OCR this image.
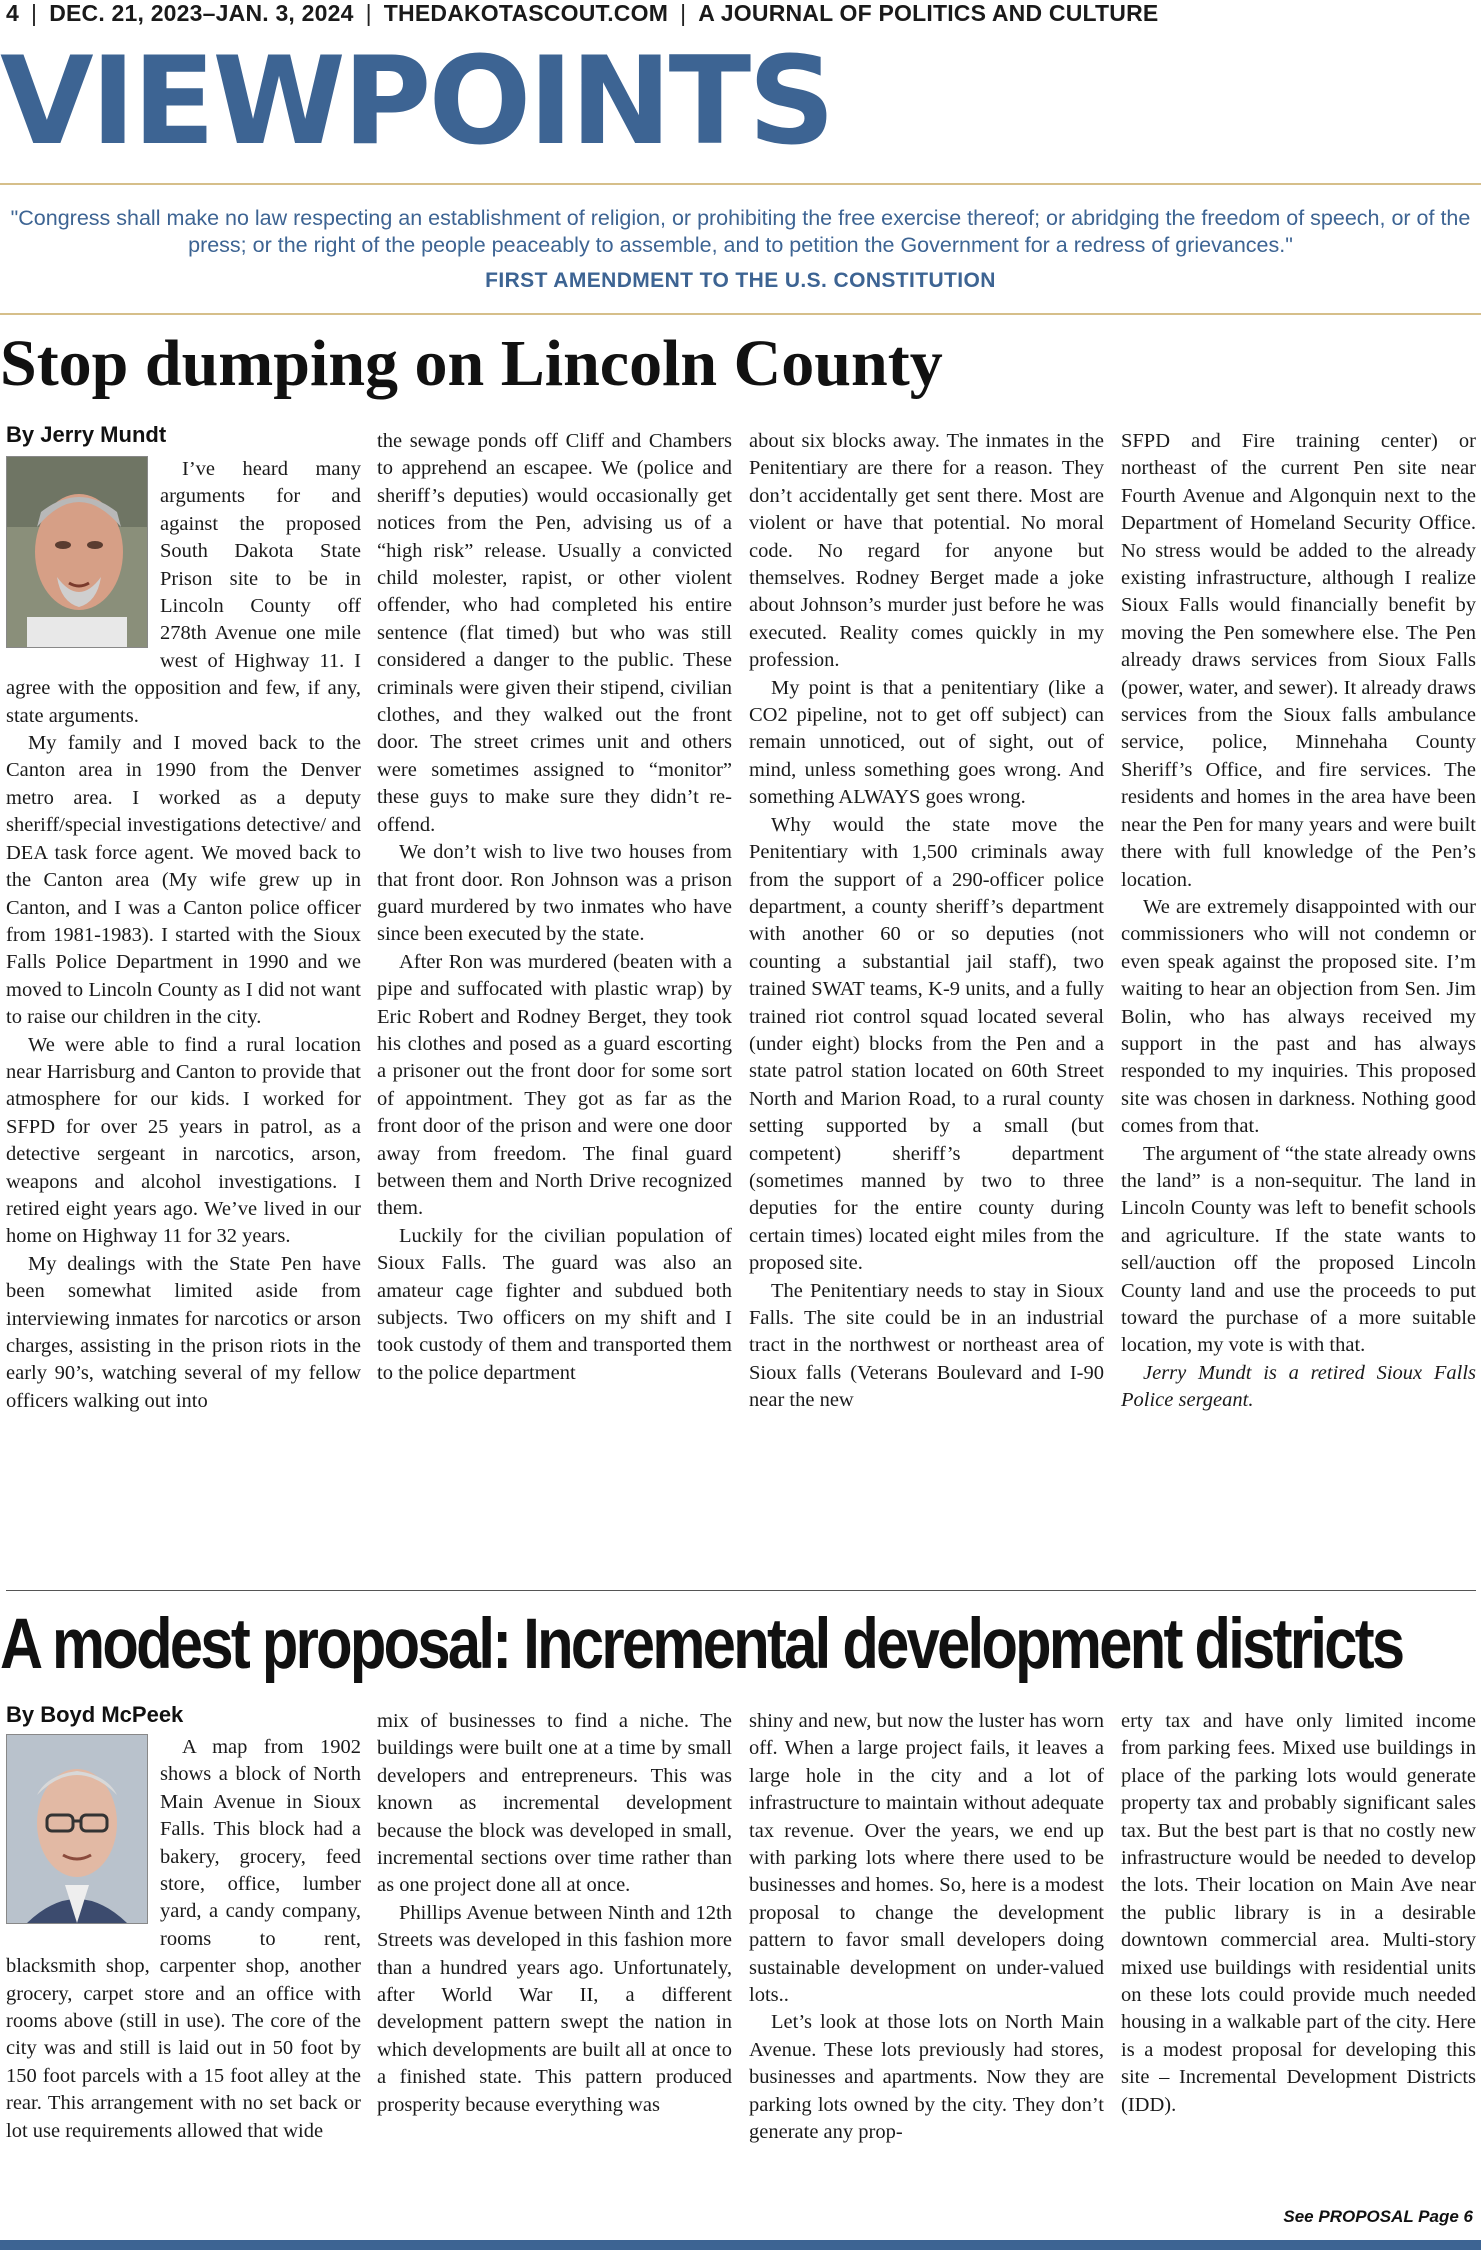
4 | DEC. 21, 2023–JAN. 3, 2024 | THEDAKOTASCOUT.COM | A JOURNAL OF POLITICS AND CULTURE
VIEWPOINTS
"Congress shall make no law respecting an establishment of religion, or prohibiting the free exercise thereof; or abridging the freedom of speech, or of the press; or the right of the people peaceably to assemble, and to petition the Government for a redress of grievances."
FIRST AMENDMENT TO THE U.S. CONSTITUTION
Stop dumping on Lincoln County
By Jerry Mundt

I’ve heard many arguments for and against the proposed South Dakota State Prison site to be in Lincoln County off 278th Avenue one mile west of Highway 11. I agree with the opposition and few, if any, state arguments.

My family and I moved back to the Canton area in 1990 from the Denver metro area. I worked as a deputy sheriff/special investigations detective/ and DEA task force agent. We moved back to the Canton area (My wife grew up in Canton, and I was a Canton police officer from 1981-1983). I started with the Sioux Falls Police Department in 1990 and we moved to Lincoln County as I did not want to raise our children in the city.

We were able to find a rural location near Harrisburg and Canton to provide that atmosphere for our kids. I worked for SFPD for over 25 years in patrol, as a detective sergeant in narcotics, arson, weapons and alcohol investigations. I retired eight years ago. We’ve lived in our home on Highway 11 for 32 years.

My dealings with the State Pen have been somewhat limited aside from interviewing inmates for narcotics or arson charges, assisting in the prison riots in the early 90’s, watching several of my fellow officers walking out into

the sewage ponds off Cliff and Chambers to apprehend an escapee. We (police and sheriff’s deputies) would occasionally get notices from the Pen, advising us of a “high risk” release. Usually a convicted child molester, rapist, or other violent offender, who had completed his entire sentence (flat timed) but who was still considered a danger to the public. These criminals were given their stipend, civilian clothes, and they walked out the front door. The street crimes unit and others were sometimes assigned to “monitor” these guys to make sure they didn’t re-offend.

We don’t wish to live two houses from that front door. Ron Johnson was a prison guard murdered by two inmates who have since been executed by the state.

After Ron was murdered (beaten with a pipe and suffocated with plastic wrap) by Eric Robert and Rodney Berget, they took his clothes and posed as a guard escorting a prisoner out the front door for some sort of appointment. They got as far as the front door of the prison and were one door away from freedom. The final guard between them and North Drive recognized them.

Luckily for the civilian population of Sioux Falls. The guard was also an amateur cage fighter and subdued both subjects. Two officers on my shift and I took custody of them and transported them to the police department

about six blocks away. The inmates in the Penitentiary are there for a reason. They don’t accidentally get sent there. Most are violent or have that potential. No moral code. No regard for anyone but themselves. Rodney Berget made a joke about Johnson’s murder just before he was executed. Reality comes quickly in my profession.

My point is that a penitentiary (like a CO2 pipeline, not to get off subject) can remain unnoticed, out of sight, out of mind, unless something goes wrong. And something ALWAYS goes wrong.

Why would the state move the Penitentiary with 1,500 criminals away from the support of a 290-officer police department, a county sheriff’s department with another 60 or so deputies (not counting a substantial jail staff), two trained SWAT teams, K-9 units, and a fully trained riot control squad located several (under eight) blocks from the Pen and a state patrol station located on 60th Street North and Marion Road, to a rural county setting supported by a small (but competent) sheriff’s department (sometimes manned by two to three deputies for the entire county during certain times) located eight miles from the proposed site.

The Penitentiary needs to stay in Sioux Falls. The site could be in an industrial tract in the northwest or northeast area of Sioux falls (Veterans Boulevard and I-90 near the new

SFPD and Fire training center) or northeast of the current Pen site near Fourth Avenue and Algonquin next to the Department of Homeland Security Office. No stress would be added to the already existing infrastructure, although I realize Sioux Falls would financially benefit by moving the Pen somewhere else. The Pen already draws services from Sioux Falls (power, water, and sewer). It already draws services from the Sioux falls ambulance service, police, Minnehaha County Sheriff’s Office, and fire services. The residents and homes in the area have been near the Pen for many years and were built there with full knowledge of the Pen’s location.

We are extremely disappointed with our commissioners who will not condemn or even speak against the proposed site. I’m waiting to hear an objection from Sen. Jim Bolin, who has always received my support in the past and has always responded to my inquiries. This proposed site was chosen in darkness. Nothing good comes from that.

The argument of “the state already owns the land” is a non-sequitur. The land in Lincoln County was left to benefit schools and agriculture. If the state wants to sell/auction off the proposed Lincoln County land and use the proceeds to put toward the purchase of a more suitable location, my vote is with that.

Jerry Mundt is a retired Sioux Falls Police sergeant.

A modest proposal: Incremental development districts
By Boyd McPeek

A map from 1902 shows a block of North Main Avenue in Sioux Falls. This block had a bakery, grocery, feed store, office, lumber yard, a candy company, rooms to rent, blacksmith shop, carpenter shop, another grocery, carpet store and an office with rooms above (still in use). The core of the city was and still is laid out in 50 foot by 150 foot parcels with a 15 foot alley at the rear. This arrangement with no set back or lot use requirements allowed that wide

mix of businesses to find a niche. The buildings were built one at a time by small developers and entrepreneurs. This was known as incremental development because the block was developed in small, incremental sections over time rather than as one project done all at once.

Phillips Avenue between Ninth and 12th Streets was developed in this fashion more than a hundred years ago. Unfortunately, after World War II, a different development pattern swept the nation in which developments are built all at once to a finished state. This pattern produced prosperity because everything was

shiny and new, but now the luster has worn off. When a large project fails, it leaves a large hole in the city and a lot of infrastructure to maintain without adequate tax revenue. Over the years, we end up with parking lots where there used to be businesses and homes. So, here is a modest proposal to change the development pattern to favor small developers doing sustainable development on under-valued lots..

Let’s look at those lots on North Main Avenue. These lots previously had stores, businesses and apartments. Now they are parking lots owned by the city. They don’t generate any prop-

erty tax and have only limited income from parking fees. Mixed use buildings in place of the parking lots would generate property tax and probably significant sales tax. But the best part is that no costly new infrastructure would be needed to develop the lots. Their location on Main Ave near the public library is in a desirable downtown commercial area. Multi-story mixed use buildings with residential units on these lots could provide much needed housing in a walkable part of the city. Here is a modest proposal for developing this site – Incremental Development Districts (IDD).

See PROPOSAL Page 6
